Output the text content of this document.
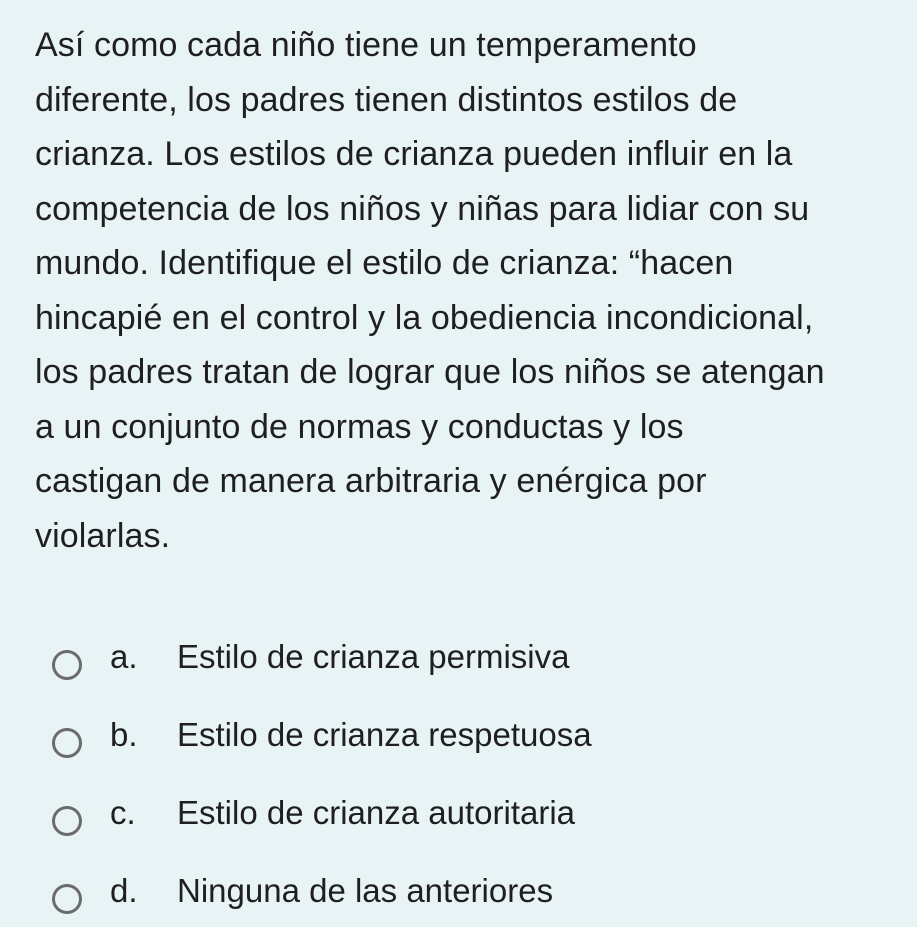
Así como cada niño tiene un temperamento
diferente, los padres tienen distintos estilos de
crianza. Los estilos de crianza pueden influir en la
competencia de los niños y niñas para lidiar con su
mundo. Identifique el estilo de crianza: “hacen
hincapié en el control y la obediencia incondicional,
los padres tratan de lograr que los niños se atengan
a un conjunto de normas y conductas y los
castigan de manera arbitraria y enérgica por
violarlas.
a. Estilo de crianza permisiva
b. Estilo de crianza respetuosa
c. Estilo de crianza autoritaria
d. Ninguna de las anteriores
